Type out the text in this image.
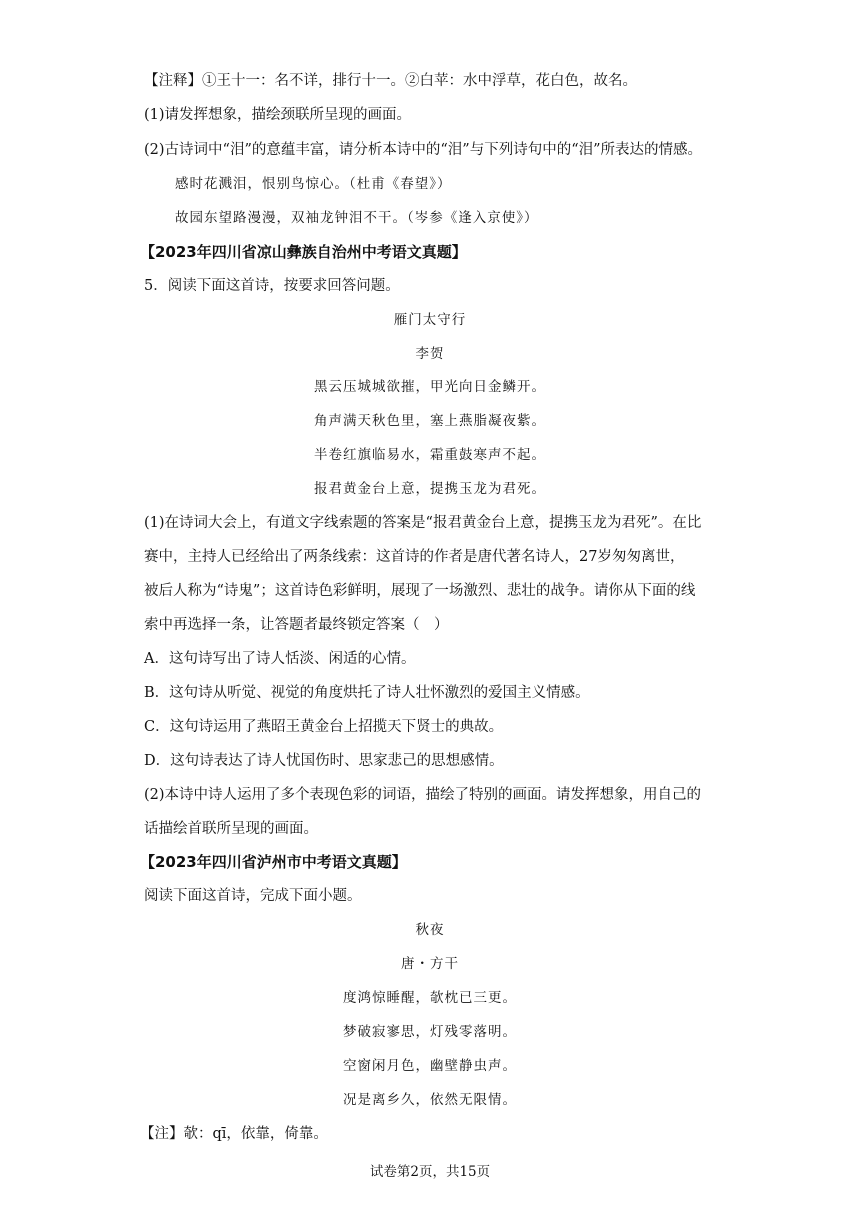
【注释】①王十一：名不详，排行十一。②白苹：水中浮草，花白色，故名。
(1)请发挥想象，描绘颈联所呈现的画面。
(2)古诗词中“泪”的意蕴丰富，请分析本诗中的“泪”与下列诗句中的“泪”所表达的情感。
感时花溅泪，恨别鸟惊心。（杜甫《春望》）
故园东望路漫漫，双袖龙钟泪不干。（岑参《逢入京使》）
【2023年四川省凉山彝族自治州中考语文真题】
5．阅读下面这首诗，按要求回答问题。
雁门太守行
李贺
黑云压城城欲摧，甲光向日金鳞开。
角声满天秋色里，塞上燕脂凝夜紫。
半卷红旗临易水，霜重鼓寒声不起。
报君黄金台上意，提携玉龙为君死。
(1)在诗词大会上，有道文字线索题的答案是“报君黄金台上意，提携玉龙为君死”。在比
赛中，主持人已经给出了两条线索：这首诗的作者是唐代著名诗人，27岁匆匆离世，
被后人称为“诗鬼”；这首诗色彩鲜明，展现了一场激烈、悲壮的战争。请你从下面的线
索中再选择一条，让答题者最终锁定答案（　）
A．这句诗写出了诗人恬淡、闲适的心情。
B．这句诗从听觉、视觉的角度烘托了诗人壮怀激烈的爱国主义情感。
C．这句诗运用了燕昭王黄金台上招揽天下贤士的典故。
D．这句诗表达了诗人忧国伤时、思家悲己的思想感情。
(2)本诗中诗人运用了多个表现色彩的词语，描绘了特别的画面。请发挥想象，用自己的
话描绘首联所呈现的画面。
【2023年四川省泸州市中考语文真题】
阅读下面这首诗，完成下面小题。
秋夜
唐・方干
度鸿惊睡醒，欹枕已三更。
梦破寂寥思，灯残零落明。
空窗闲月色，幽壁静虫声。
况是离乡久，依然无限情。
【注】欹：qī，依靠，倚靠。
试卷第2页，共15页
